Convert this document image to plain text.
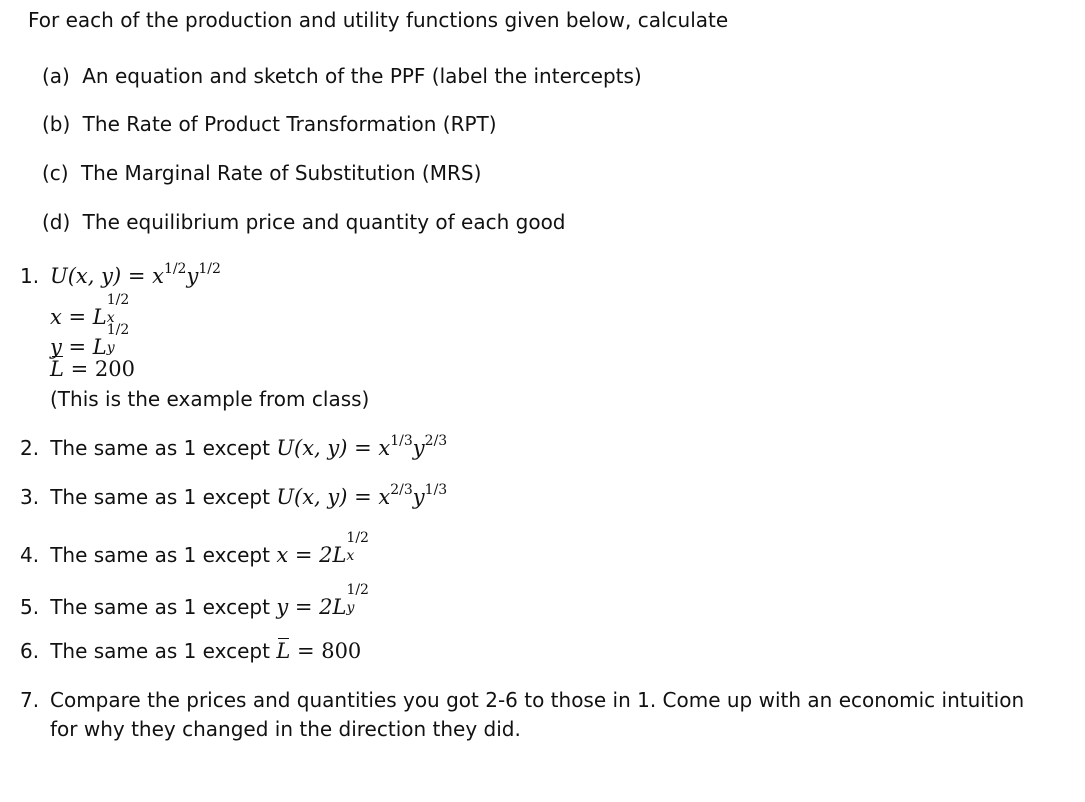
For each of the production and utility functions given below, calculate
(a) An equation and sketch of the PPF (label the intercepts)
(b) The Rate of Product Transformation (RPT)
(c) The Marginal Rate of Substitution (MRS)
(d) The equilibrium price and quantity of each good
1. U(x, $y) = x^{1/2}y^{1/2}$
x = L
1/2
x
y = L
1/2
y
L = 200
(This is the example from class)
2. The same as 1 except U(x, y) = x1/3y2/3
3. The same as 1 except U(x, y) = x2/3y1/3
4. The same as 1 except x = 2L
1/2
x
5. The same as 1 except y = 2L
1/2
y
6. The same as 1 except L = 800
7. Compare the prices and quantities you got 2-6 to those in 1. Come up with an economic intuition
for why they changed in the direction they did.
